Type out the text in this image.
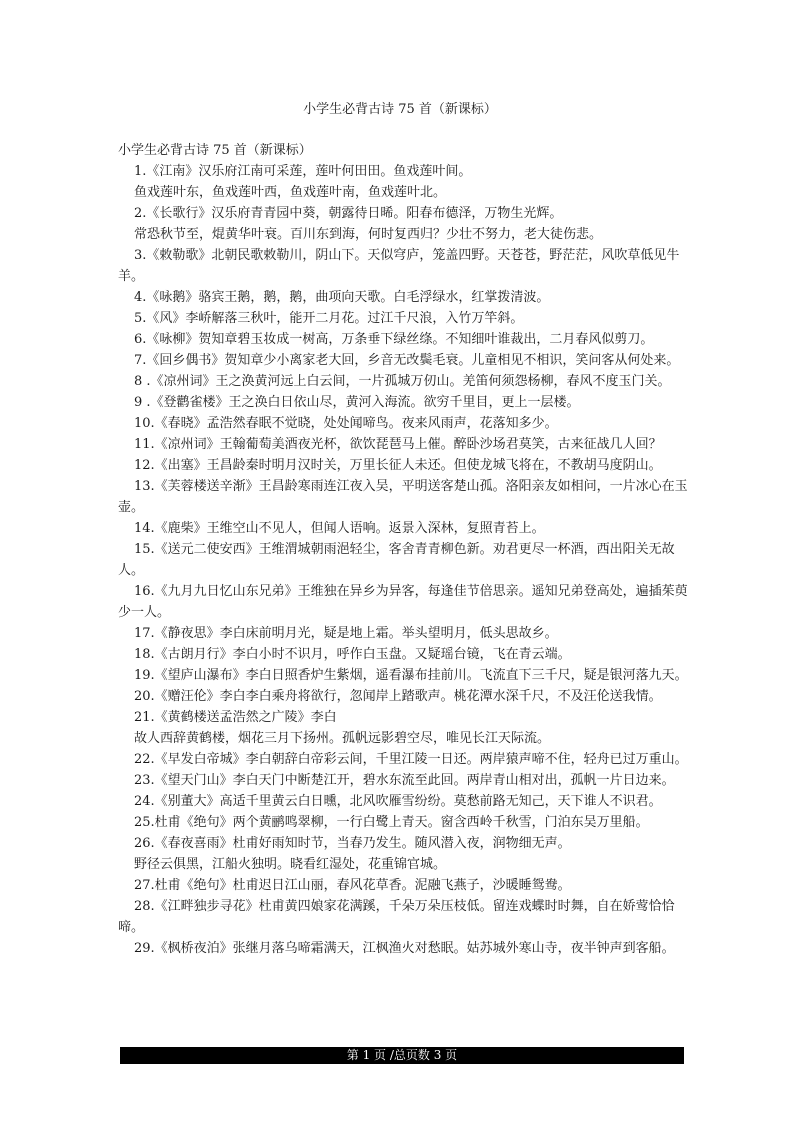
小学生必背古诗 75 首（新课标）
小学生必背古诗 75 首（新课标）
1.《江南》汉乐府江南可采莲，莲叶何田田。鱼戏莲叶间。
鱼戏莲叶东，鱼戏莲叶西，鱼戏莲叶南，鱼戏莲叶北。
2.《长歌行》汉乐府青青园中葵，朝露待日晞。阳春布德泽，万物生光辉。
常恐秋节至，焜黄华叶衰。百川东到海，何时复西归？少壮不努力，老大徒伤悲。
3.《敕勒歌》北朝民歌敕勒川，阴山下。天似穹庐，笼盖四野。天苍苍，野茫茫，风吹草低见牛羊。
4.《咏鹅》骆宾王鹅，鹅，鹅，曲项向天歌。白毛浮绿水，红掌拨清波。
5.《风》李峤解落三秋叶，能开二月花。过江千尺浪，入竹万竿斜。
6.《咏柳》贺知章碧玉妆成一树高，万条垂下绿丝绦。不知细叶谁裁出，二月春风似剪刀。
7.《回乡偶书》贺知章少小离家老大回，乡音无改鬓毛衰。儿童相见不相识，笑问客从何处来。
8 .《凉州词》王之涣黄河远上白云间，一片孤城万仞山。羌笛何须怨杨柳，春风不度玉门关。
9 .《登鹳雀楼》王之涣白日依山尽，黄河入海流。欲穷千里目，更上一层楼。
10.《春晓》孟浩然春眠不觉晓，处处闻啼鸟。夜来风雨声，花落知多少。
11.《凉州词》王翰葡萄美酒夜光杯，欲饮琵琶马上催。醉卧沙场君莫笑，古来征战几人回？
12.《出塞》王昌龄秦时明月汉时关，万里长征人未还。但使龙城飞将在，不教胡马度阴山。
13.《芙蓉楼送辛渐》王昌龄寒雨连江夜入吴，平明送客楚山孤。洛阳亲友如相问，一片冰心在玉壶。
14.《鹿柴》王维空山不见人，但闻人语响。返景入深林，复照青苔上。
15.《送元二使安西》王维渭城朝雨浥轻尘，客舍青青柳色新。劝君更尽一杯酒，西出阳关无故人。
16.《九月九日忆山东兄弟》王维独在异乡为异客，每逢佳节倍思亲。遥知兄弟登高处，遍插茱萸少一人。
17.《静夜思》李白床前明月光，疑是地上霜。举头望明月，低头思故乡。
18.《古朗月行》李白小时不识月，呼作白玉盘。又疑瑶台镜，飞在青云端。
19.《望庐山瀑布》李白日照香炉生紫烟，遥看瀑布挂前川。飞流直下三千尺，疑是银河落九天。
20.《赠汪伦》李白李白乘舟将欲行，忽闻岸上踏歌声。桃花潭水深千尺，不及汪伦送我情。
21.《黄鹤楼送孟浩然之广陵》李白
故人西辞黄鹤楼，烟花三月下扬州。孤帆远影碧空尽，唯见长江天际流。
22.《早发白帝城》李白朝辞白帝彩云间，千里江陵一日还。两岸猿声啼不住，轻舟已过万重山。
23.《望天门山》李白天门中断楚江开，碧水东流至此回。两岸青山相对出，孤帆一片日边来。
24.《别董大》高适千里黄云白日曛，北风吹雁雪纷纷。莫愁前路无知己，天下谁人不识君。
25.杜甫《绝句》两个黄鹂鸣翠柳，一行白鹭上青天。窗含西岭千秋雪，门泊东吴万里船。
26.《春夜喜雨》杜甫好雨知时节，当春乃发生。随风潜入夜，润物细无声。
野径云俱黑，江船火独明。晓看红湿处，花重锦官城。
27.杜甫《绝句》杜甫迟日江山丽，春风花草香。泥融飞燕子，沙暖睡鸳鸯。
28.《江畔独步寻花》杜甫黄四娘家花满蹊，千朵万朵压枝低。留连戏蝶时时舞，自在娇莺恰恰啼。
29.《枫桥夜泊》张继月落乌啼霜满天，江枫渔火对愁眠。姑苏城外寒山寺，夜半钟声到客船。
第 1 页 /总页数 3 页
